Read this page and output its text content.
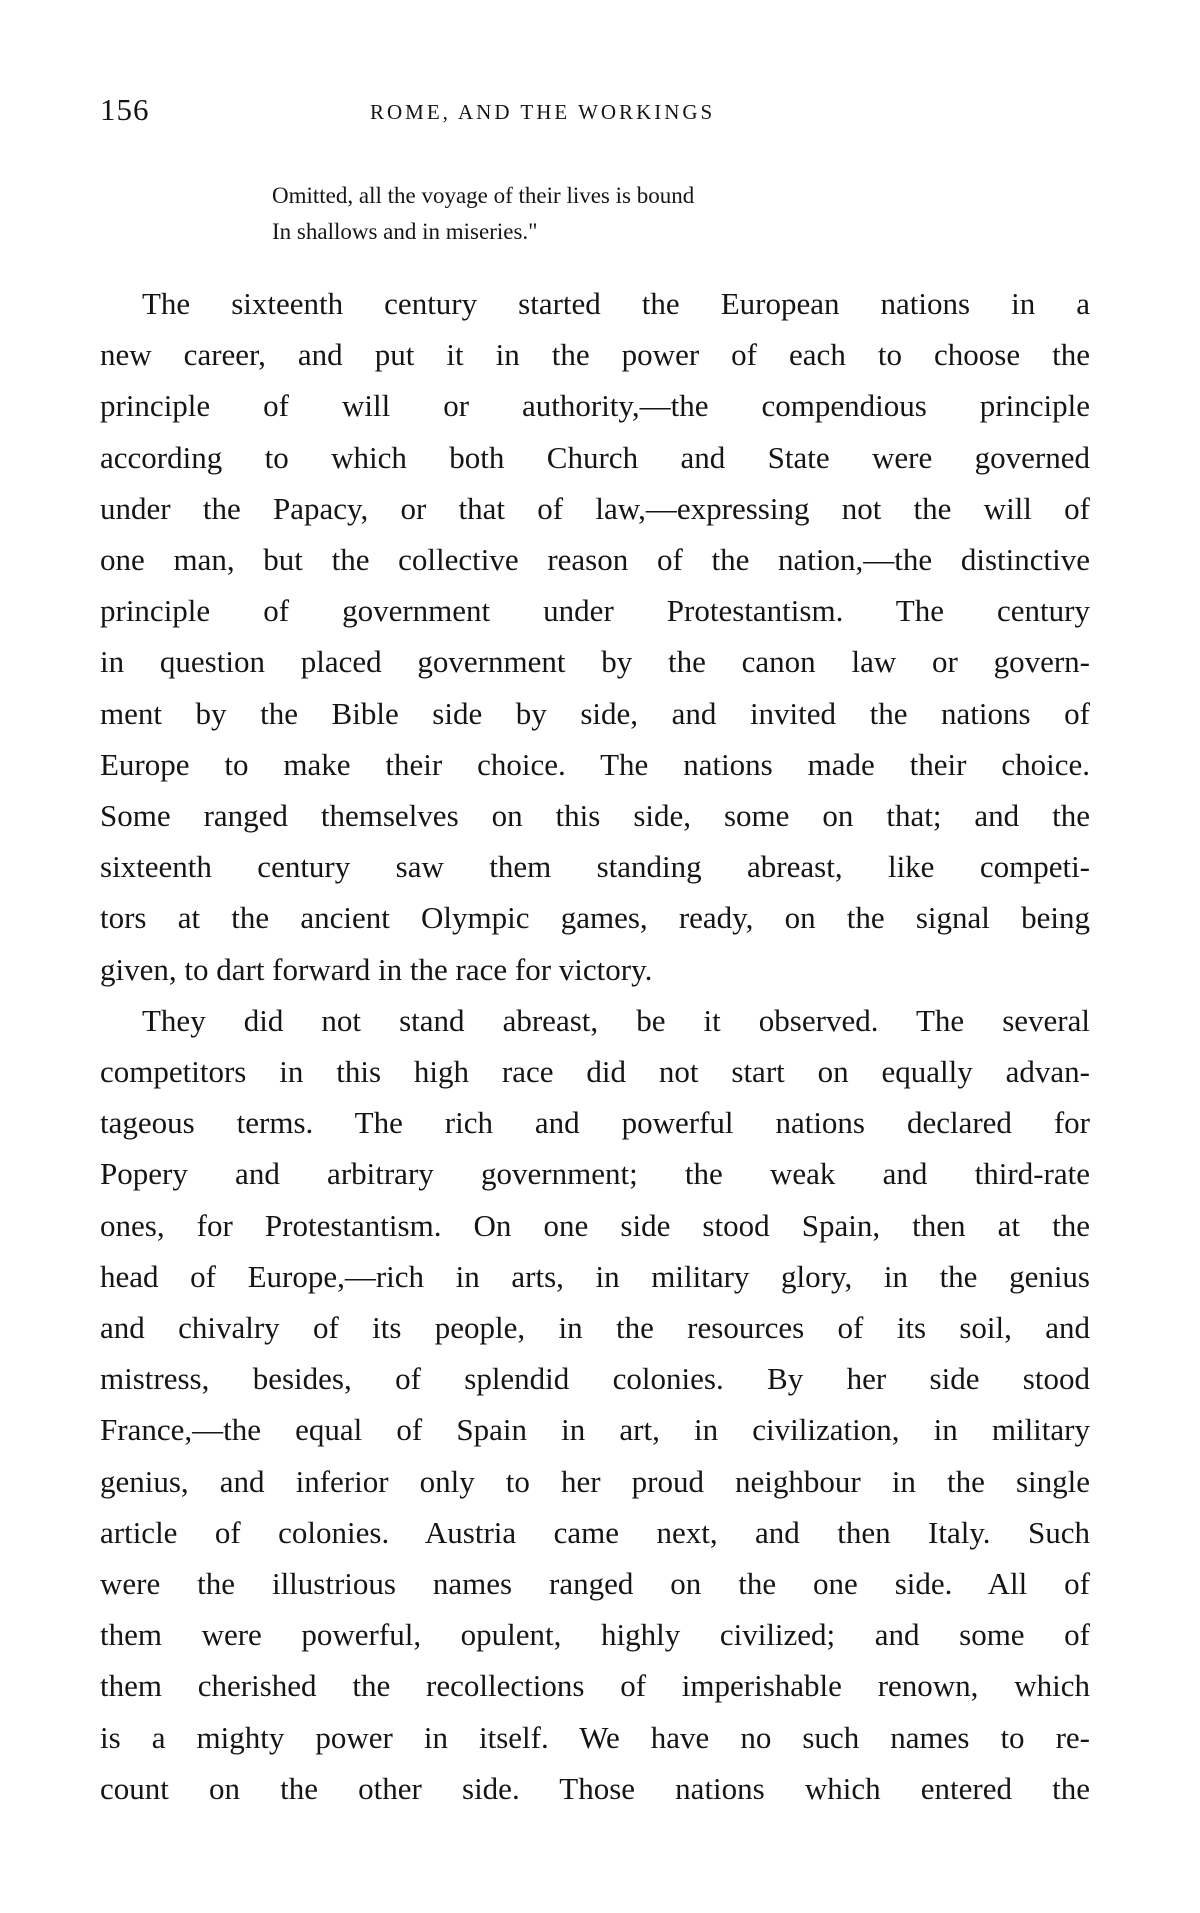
156	ROME, AND THE WORKINGS
Omitted, all the voyage of their lives is bound
In shallows and in miseries."
The sixteenth century started the European nations in a
new career, and put it in the power of each to choose the
principle of will or authority,—the compendious principle
according to which both Church and State were governed
under the Papacy, or that of law,—expressing not the will of
one man, but the collective reason of the nation,—the distinctive
principle of government under Protestantism. The century
in question placed government by the canon law or govern-
ment by the Bible side by side, and invited the nations of
Europe to make their choice. The nations made their choice.
Some ranged themselves on this side, some on that; and the
sixteenth century saw them standing abreast, like competi-
tors at the ancient Olympic games, ready, on the signal being
given, to dart forward in the race for victory.
They did not stand abreast, be it observed. The several
competitors in this high race did not start on equally advan-
tageous terms. The rich and powerful nations declared for
Popery and arbitrary government; the weak and third-rate
ones, for Protestantism. On one side stood Spain, then at the
head of Europe,—rich in arts, in military glory, in the genius
and chivalry of its people, in the resources of its soil, and
mistress, besides, of splendid colonies. By her side stood
France,—the equal of Spain in art, in civilization, in military
genius, and inferior only to her proud neighbour in the single
article of colonies. Austria came next, and then Italy. Such
were the illustrious names ranged on the one side. All of
them were powerful, opulent, highly civilized; and some of
them cherished the recollections of imperishable renown, which
is a mighty power in itself. We have no such names to re-
count on the other side. Those nations which entered the
